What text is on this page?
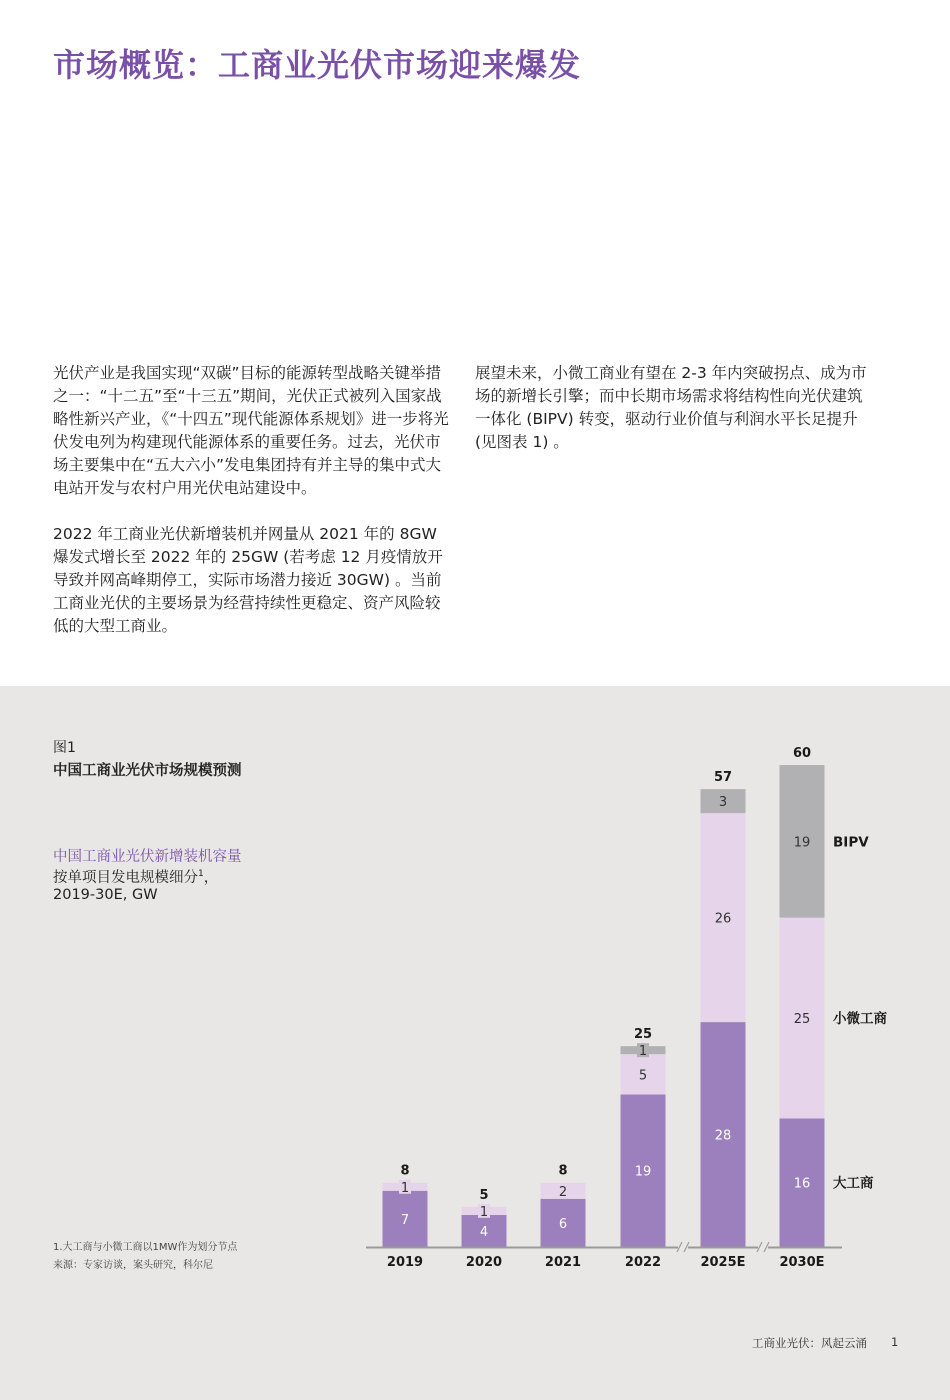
市场概览：工商业光伏市场迎来爆发

光伏产业是我国实现“双碳”目标的能源转型战略关键举措之一：“十二五”至“十三五”期间，光伏正式被列入国家战略性新兴产业，《“十四五”现代能源体系规划》进一步将光伏发电列为构建现代能源体系的重要任务。过去，光伏市场主要集中在“五大六小”发电集团持有并主导的集中式大电站开发与农村户用光伏电站建设中。

2022 年工商业光伏新增装机并网量从 2021 年的 8GW 爆发式增长至 2022 年的 25GW (若考虑 12 月疫情放开导致并网高峰期停工，实际市场潜力接近 30GW) 。当前工商业光伏的主要场景为经营持续性更稳定、资产风险较低的大型工商业。

展望未来，小微工商业有望在 2-3 年内突破拐点、成为市场的新增长引擎；而中长期市场需求将结构性向光伏建筑一体化 (BIPV) 转变，驱动行业价值与利润水平长足提升 (见图表 1) 。

图1
中国工商业光伏市场规模预测
中国工商业光伏新增装机容量
按单项目发电规模细分$^1$，
2019-30E, GW
1.大工商与小微工商以1MW作为划分节点
来源：专家访谈，案头研究，科尔尼
7
1
8
2019
4
1
5
2020
6
2
8
2021
19
5
1
25
2022
28
26
3
57
2025E
16
25
19
60
2030E
BIPV
小微工商
大工商
工商业光伏：风起云涌 1
